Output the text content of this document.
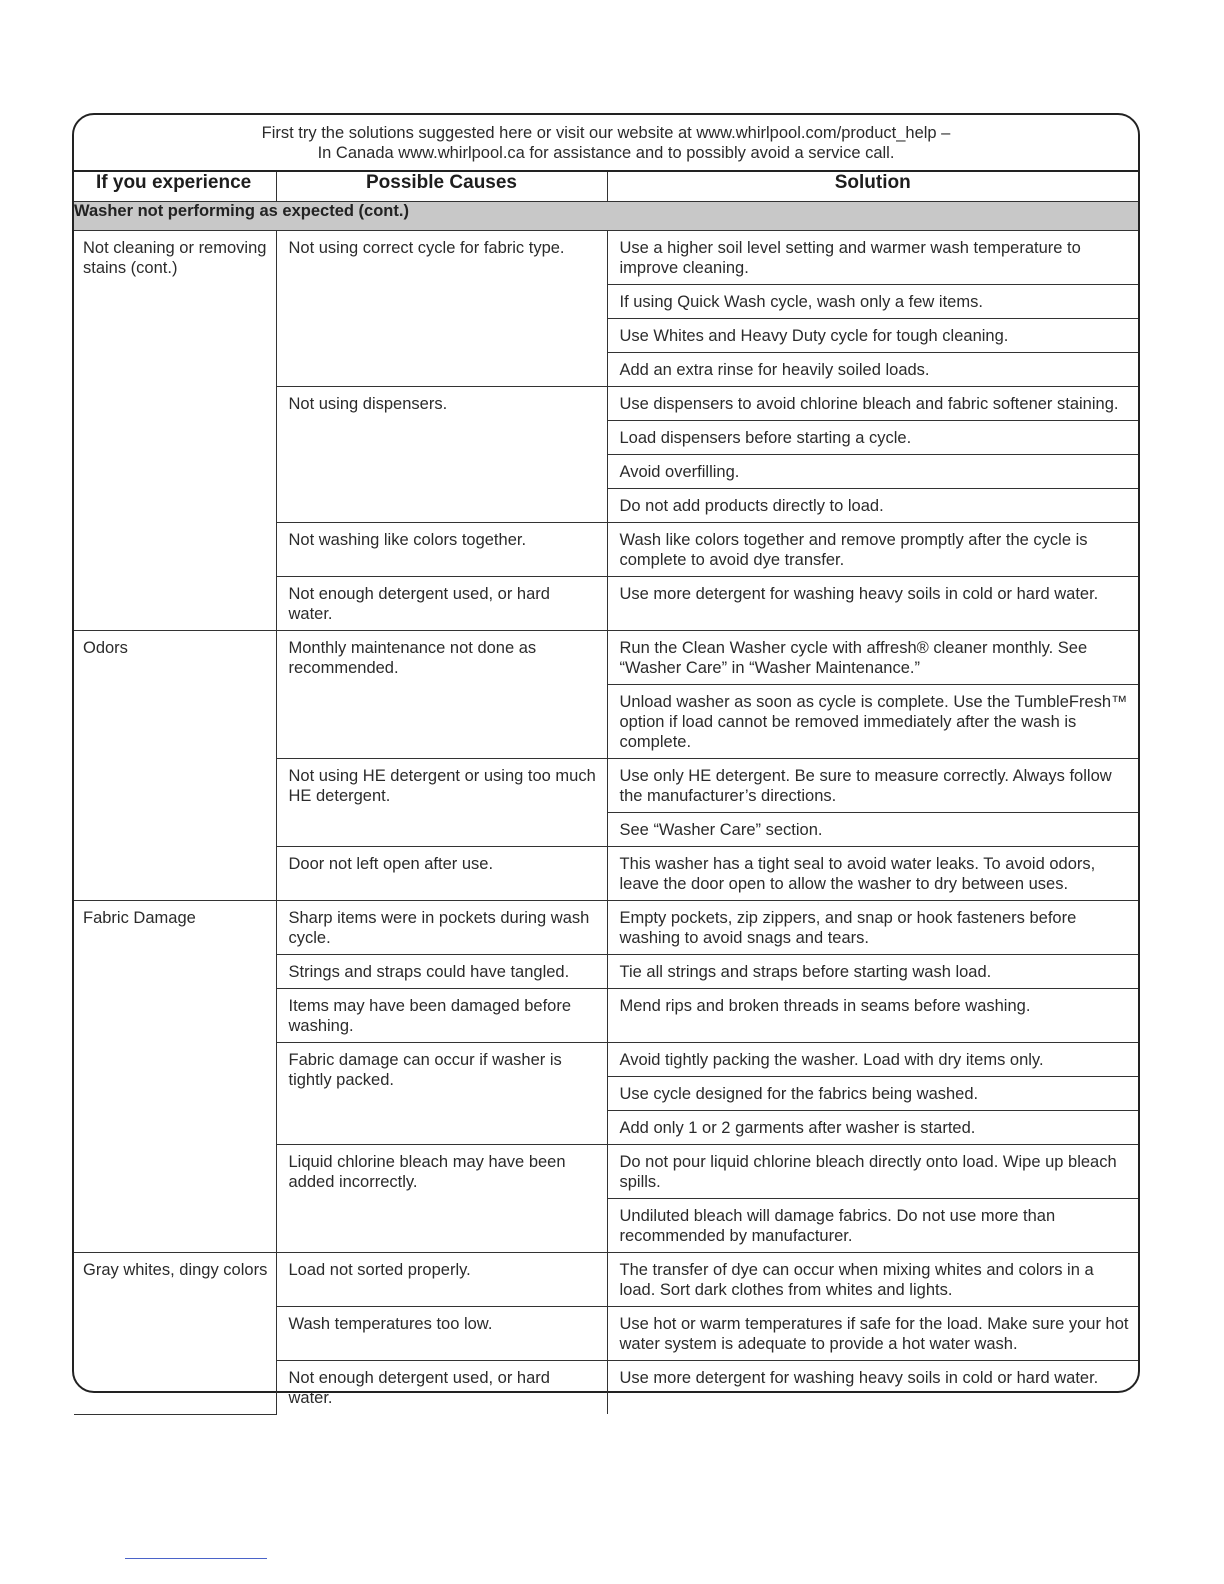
First try the solutions suggested here or visit our website at www.whirlpool.com/product_help –
In Canada www.whirlpool.ca for assistance and to possibly avoid a service call.
If you experience	Possible Causes	Solution
Washer not performing as expected (cont.)		

Not cleaning or removing stains (cont.)	Not using correct cycle for fabric type.	Use a higher soil level setting and warmer wash temperature to improve cleaning.

		If using Quick Wash cycle, wash only a few items.

		Use Whites and Heavy Duty cycle for tough cleaning.

		Add an extra rinse for heavily soiled loads.

	Not using dispensers.	Use dispensers to avoid chlorine bleach and fabric softener staining.

		Load dispensers before starting a cycle.

		Avoid overfilling.

		Do not add products directly to load.

	Not washing like colors together.	Wash like colors together and remove promptly after the cycle is complete to avoid dye transfer.

	Not enough detergent used, or hard water.	Use more detergent for washing heavy soils in cold or hard water.

Odors	Monthly maintenance not done as recommended.	Run the Clean Washer cycle with affresh® cleaner monthly. See “Washer Care” in “Washer Maintenance.”

		Unload washer as soon as cycle is complete. Use the TumbleFresh™ option if load cannot be removed immediately after the wash is complete.

	Not using HE detergent or using too much HE detergent.	Use only HE detergent. Be sure to measure correctly. Always follow the manufacturer’s directions.

		See “Washer Care” section.

	Door not left open after use.	This washer has a tight seal to avoid water leaks. To avoid odors, leave the door open to allow the washer to dry between uses.

Fabric Damage	Sharp items were in pockets during wash cycle.	Empty pockets, zip zippers, and snap or hook fasteners before washing to avoid snags and tears.

	Strings and straps could have tangled.	Tie all strings and straps before starting wash load.

	Items may have been damaged before washing.	Mend rips and broken threads in seams before washing.

	Fabric damage can occur if washer is tightly packed.	Avoid tightly packing the washer. Load with dry items only.

		Use cycle designed for the fabrics being washed.

		Add only 1 or 2 garments after washer is started.

	Liquid chlorine bleach may have been added incorrectly.	Do not pour liquid chlorine bleach directly onto load. Wipe up bleach spills.

		Undiluted bleach will damage fabrics. Do not use more than recommended by manufacturer.

Gray whites, dingy colors	Load not sorted properly.	The transfer of dye can occur when mixing whites and colors in a load. Sort dark clothes from whites and lights.

	Wash temperatures too low.	Use hot or warm temperatures if safe for the load. Make sure your hot water system is adequate to provide a hot water wash.

	Not enough detergent used, or hard water.	Use more detergent for washing heavy soils in cold or hard water.
